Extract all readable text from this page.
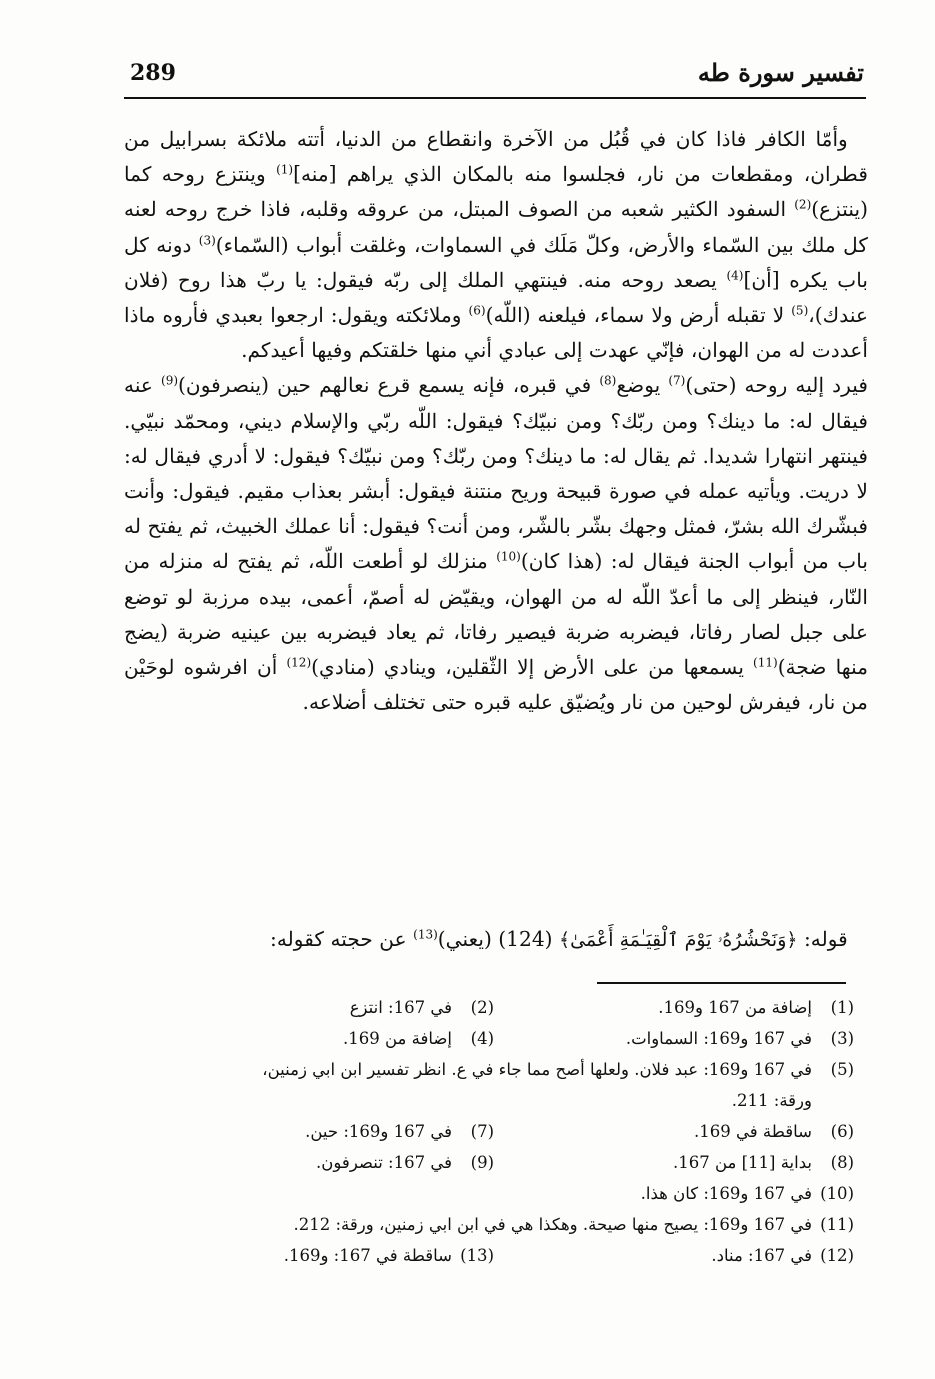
289	تفسير سورة طه

 وأمّا الكافر فاذا كان في قُبُل من الآخرة وانقطاع من الدنيا، أتته ملائكة بسرابيل من قطران، ومقطعات من نار، فجلسوا منه بالمكان الذي يراهم [منه]$^{(1)}$ وينتزع روحه كما (ينتزع)$^{(2)}$ السفود الكثير شعبه من الصوف المبتل، من عروقه وقلبه، فاذا خرج روحه لعنه كل ملك بين السّماء والأرض، وكلّ مَلَك في السماوات، وغلقت أبواب (السّماء)$^{(3)}$ دونه كل باب يكره [أن]$^{(4)}$ يصعد روحه منه. فينتهي الملك إلى ربّه فيقول: يا ربّ هذا روح (فلان عندك)،$^{(5)}$ لا تقبله أرض ولا سماء، فيلعنه (اللّه)$^{(6)}$ وملائكته ويقول: ارجعوا بعبدي فأروه ماذا أعددت له من الهوان، فإنّي عهدت إلى عبادي أني منها خلقتكم وفيها أعيدكم.

فيرد إليه روحه (حتى)$^{(7)}$ يوضع$^{(8)}$ في قبره، فإنه يسمع قرع نعالهم حين (ينصرفون)$^{(9)}$ عنه فيقال له: ما دينك؟ ومن ربّك؟ ومن نبيّك؟ فيقول: اللّه ربّي والإسلام ديني، ومحمّد نبيّي. فينتهر انتهارا شديدا. ثم يقال له: ما دينك؟ ومن ربّك؟ ومن نبيّك؟ فيقول: لا أدري فيقال له: لا دريت. ويأتيه عمله في صورة قبيحة وريح منتنة فيقول: أبشر بعذاب مقيم. فيقول: وأنت فبشّرك الله بشرّ، فمثل وجهك بشّر بالشّر، ومن أنت؟ فيقول: أنا عملك الخبيث، ثم يفتح له باب من أبواب الجنة فيقال له: (هذا كان)$^{(10)}$ منزلك لو أطعت اللّه، ثم يفتح له منزله من النّار، فينظر إلى ما أعدّ اللّه له من الهوان، ويقيّض له أصمّ، أعمى، بيده مرزبة لو توضع على جبل لصار رفاتا، فيضربه ضربة فيصير رفاتا، ثم يعاد فيضربه بين عينيه ضربة (يضج منها ضجة)$^{(11)}$ يسمعها من على الأرض إلا الثّقلين، وينادي (منادي)$^{(12)}$ أن افرشوه لوحَيْن من نار، فيفرش لوحين من نار ويُضيّق عليه قبره حتى تختلف أضلاعه.

 قوله: ﴿وَنَحْشُرُهُۥ يَوْمَ ٱلْقِيَـٰمَةِ أَعْمَىٰ﴾ (124) (يعني)$^{(13)}$ عن حجته كقوله:
(1)إضافة من 167 و169.
(2)في 167: انتزع
(3)في 167 و169: السماوات.
(4)إضافة من 169.
(5)في 167 و169: عبد فلان. ولعلها أصح مما جاء في ع. انظر تفسير ابن ابي زمنين،
ورقة: 211.
(6)ساقطة في 169.
(7)في 167 و169: حين.
(8)بداية [11] من 167.
(9)في 167: تنصرفون.
(10)في 167 و169: كان هذا.
(11)في 167 و169: يصيح منها صيحة. وهكذا هي في ابن ابي زمنين، ورقة: 212.
(12)في 167: مناد.
(13)ساقطة في 167: و169.
